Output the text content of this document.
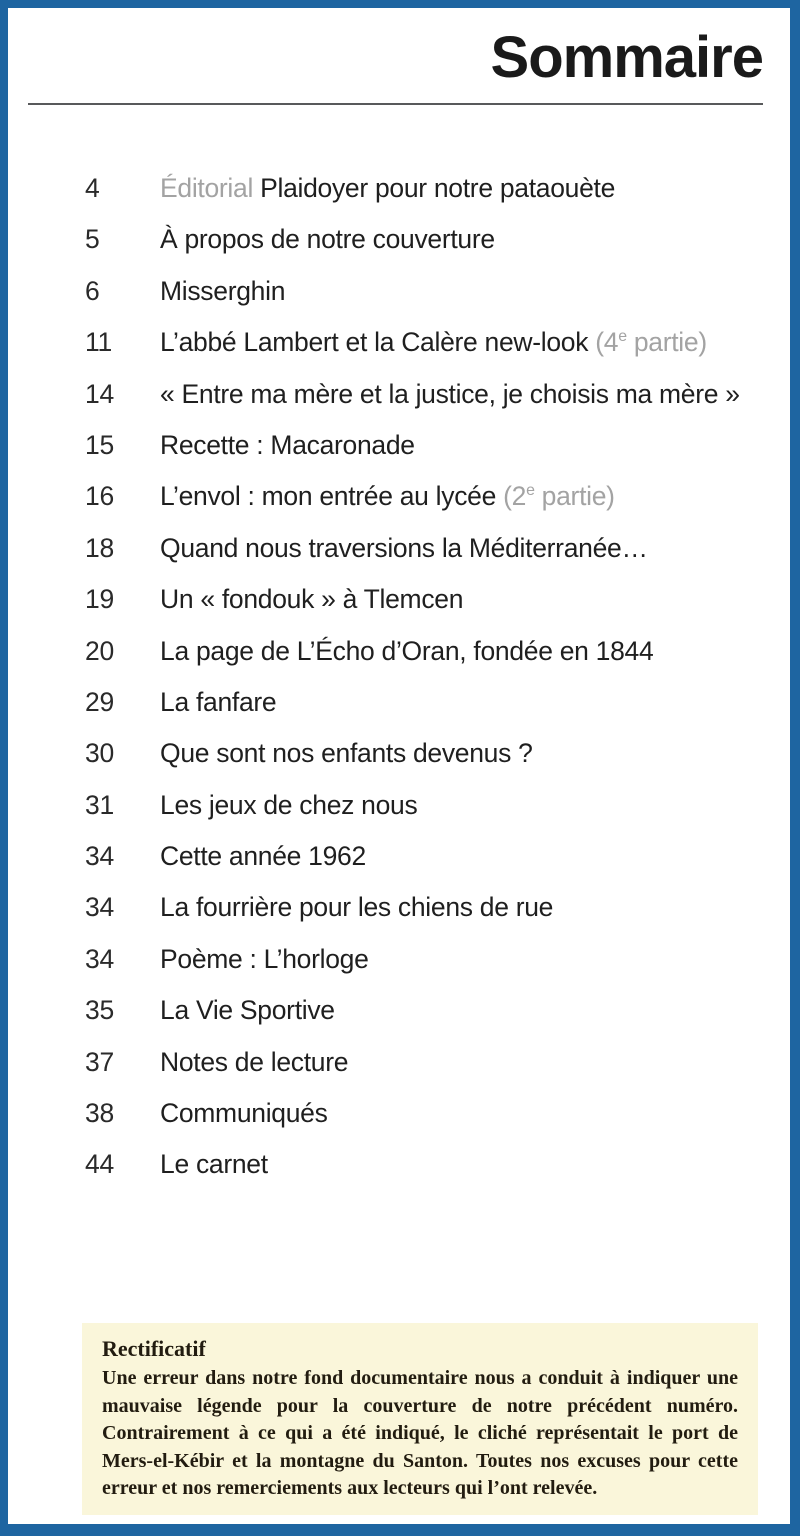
Sommaire
4	Éditorial Plaidoyer pour notre pataouète
5	À propos de notre couverture
6	Misserghin
11	L’abbé Lambert et la Calère new-look (4e partie)
14	« Entre ma mère et la justice, je choisis ma mère »
15	Recette : Macaronade
16	L’envol : mon entrée au lycée (2e partie)
18	Quand nous traversions la Méditerranée…
19	Un « fondouk » à Tlemcen
20	La page de L’Écho d’Oran, fondée en 1844
29	La fanfare
30	Que sont nos enfants devenus ?
31	Les jeux de chez nous
34	Cette année 1962
34	La fourrière pour les chiens de rue
34	Poème : L’horloge
35	La Vie Sportive
37	Notes de lecture
38	Communiqués
44	Le carnet
Rectificatif
Une erreur dans notre fond documentaire nous a conduit à indiquer une mauvaise légende pour la couverture de notre précédent numéro. Contrairement à ce qui a été indiqué, le cliché représentait le port de Mers-el-Kébir et la montagne du Santon. Toutes nos excuses pour cette erreur et nos remerciements aux lecteurs qui l’ont relevée.
